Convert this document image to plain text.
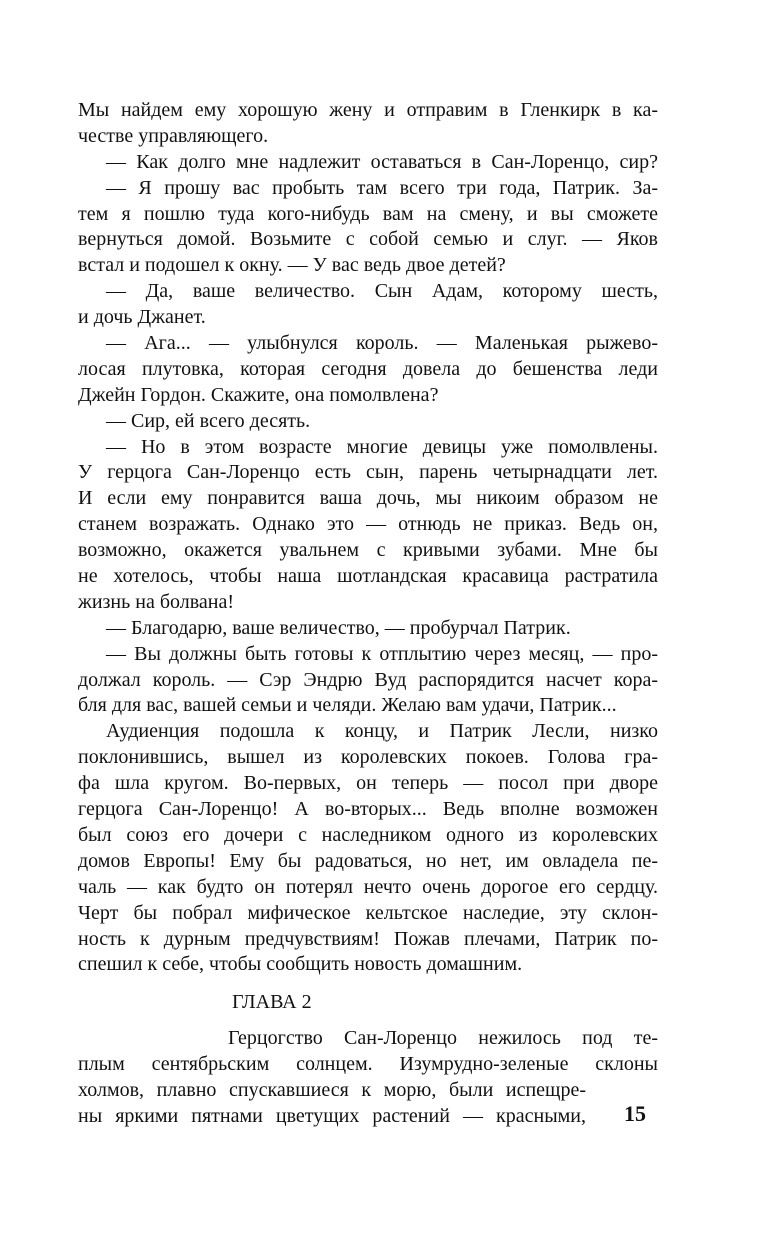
Мы найдем ему хорошую жену и отправим в Гленкирк в ка-
честве управляющего.
— Как долго мне надлежит оставаться в Сан-Лоренцо, сир?
— Я прошу вас пробыть там всего три года, Патрик. За-
тем я пошлю туда кого-нибудь вам на смену, и вы сможете
вернуться домой. Возьмите с собой семью и слуг. — Яков
встал и подошел к окну. — У вас ведь двое детей?
— Да, ваше величество. Сын Адам, которому шесть,
и дочь Джанет.
— Ага... — улыбнулся король. — Маленькая рыжево-
лосая плутовка, которая сегодня довела до бешенства леди
Джейн Гордон. Скажите, она помолвлена?
— Сир, ей всего десять.
— Но в этом возрасте многие девицы уже помолвлены.
У герцога Сан-Лоренцо есть сын, парень четырнадцати лет.
И если ему понравится ваша дочь, мы никоим образом не
станем возражать. Однако это — отнюдь не приказ. Ведь он,
возможно, окажется увальнем с кривыми зубами. Мне бы
не хотелось, чтобы наша шотландская красавица растратила
жизнь на болвана!
— Благодарю, ваше величество, — пробурчал Патрик.
— Вы должны быть готовы к отплытию через месяц, — про-
должал король. — Сэр Эндрю Вуд распорядится насчет кора-
бля для вас, вашей семьи и челяди. Желаю вам удачи, Патрик...
Аудиенция подошла к концу, и Патрик Лесли, низко
поклонившись, вышел из королевских покоев. Голова гра-
фа шла кругом. Во-первых, он теперь — посол при дворе
герцога Сан-Лоренцо! А во-вторых... Ведь вполне возможен
был союз его дочери с наследником одного из королевских
домов Европы! Ему бы радоваться, но нет, им овладела пе-
чаль — как будто он потерял нечто очень дорогое его сердцу.
Черт бы побрал мифическое кельтское наследие, эту склон-
ность к дурным предчувствиям! Пожав плечами, Патрик по-
спешил к себе, чтобы сообщить новость домашним.
ГЛАВА 2
Герцогство Сан-Лоренцо нежилось под те-
плым сентябрьским солнцем. Изумрудно-зеленые склоны
холмов, плавно спускавшиеся к морю, были испещре-
ны яркими пятнами цветущих растений — красными, 15
